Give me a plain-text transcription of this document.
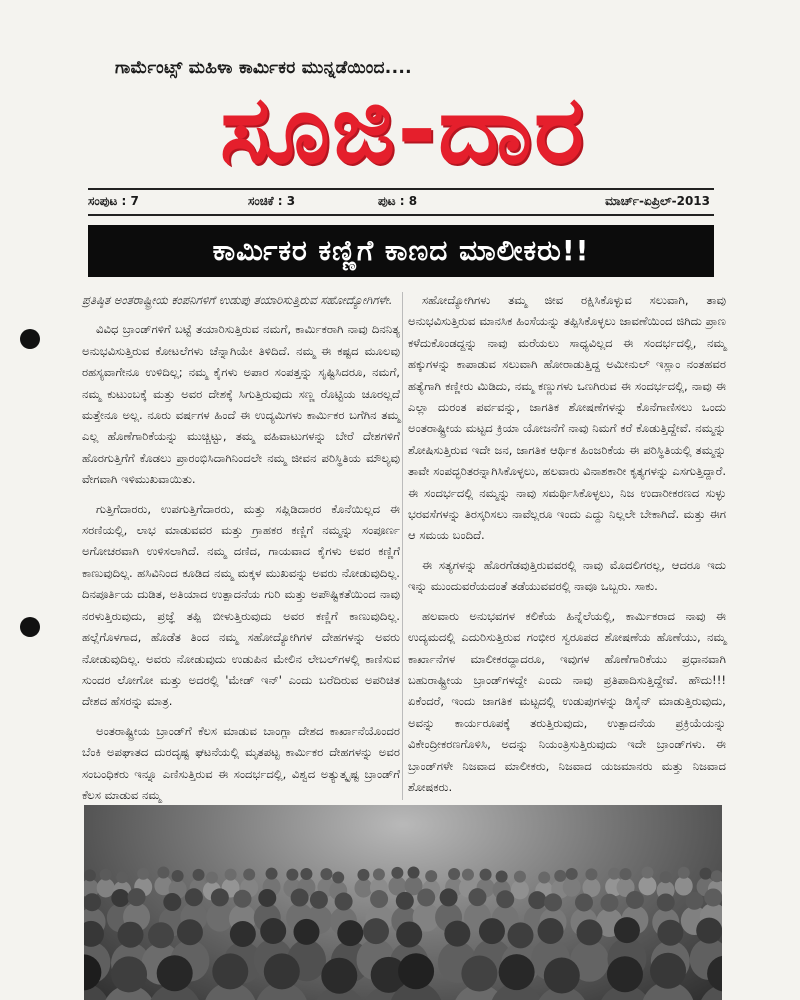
ಗಾರ್ಮೆಂಟ್ಸ್ ಮಹಿಳಾ ಕಾರ್ಮಿಕರ ಮುನ್ನಡೆಯಿಂದ....
ಸೂಜಿ-ದಾರ
ಸಂಪುಟ : 7	ಸಂಚಿಕೆ : 3	ಪುಟ : 8	ಮಾರ್ಚ್-ಏಪ್ರಿಲ್-2013
ಕಾರ್ಮಿಕರ ಕಣ್ಣಿಗೆ ಕಾಣದ ಮಾಲೀಕರು!!

ಪ್ರತಿಷ್ಠಿತ ಅಂತರಾಷ್ಟ್ರೀಯ ಕಂಪನಿಗಳಿಗೆ ಉಡುಪು ತಯಾರಿಸುತ್ತಿರುವ ಸಹೋದ್ಯೋಗಿಗಳೇ.

ವಿವಿಧ ಬ್ರಾಂಡ್‌ಗಳಿಗೆ ಬಟ್ಟೆ ತಯಾರಿಸುತ್ತಿರುವ ನಮಗೆ, ಕಾರ್ಮಿಕರಾಗಿ ನಾವು ದಿನನಿತ್ಯ ಅನುಭವಿಸುತ್ತಿರುವ ಕೋಟಲೆಗಳು ಚೆನ್ನಾಗಿಯೇ ತಿಳಿದಿದೆ. ನಮ್ಮ ಈ ಕಷ್ಟದ ಮೂಲವು ರಹಸ್ಯವಾಗೇನೂ ಉಳಿದಿಲ್ಲ; ನಮ್ಮ ಕೈಗಳು ಅಪಾರ ಸಂಪತ್ತನ್ನು ಸೃಷ್ಟಿಸಿದರೂ, ನಮಗೆ, ನಮ್ಮ ಕುಟುಂಬಕ್ಕೆ ಮತ್ತು ಅವರ ದೇಶಕ್ಕೆ ಸಿಗುತ್ತಿರುವುದು ಸಣ್ಣ ರೊಟ್ಟಿಯ ಚೂರಲ್ಲದೆ ಮತ್ತೇನೂ ಅಲ್ಲ. ನೂರು ವರ್ಷಗಳ ಹಿಂದೆ ಈ ಉದ್ಯಮಿಗಳು ಕಾರ್ಮಿಕರ ಬಗೆಗಿನ ತಮ್ಮ ಎಲ್ಲ ಹೊಣೆಗಾರಿಕೆಯನ್ನು ಮುಚ್ಚಿಟ್ಟು, ತಮ್ಮ ವಹಿವಾಟುಗಳನ್ನು ಬೇರೆ ದೇಶಗಳಿಗೆ ಹೊರಗುತ್ತಿಗೆಗೆ ಕೊಡಲು ಪ್ರಾರಂಭಿಸಿದಾಗಿನಿಂದಲೇ ನಮ್ಮ ಜೀವನ ಪರಿಸ್ಥಿತಿಯ ಮೌಲ್ಯವು ವೇಗವಾಗಿ ಇಳಿಮುಖವಾಯಿತು.

ಗುತ್ತಿಗೆದಾರರು, ಉಪಗುತ್ತಿಗೆದಾರರು, ಮತ್ತು ಸಪ್ಲಿಡಿದಾರರ ಕೊನೆಯಿಲ್ಲದ ಈ ಸರಣಿಯಲ್ಲಿ, ಲಾಭ ಮಾಡುವವರ ಮತ್ತು ಗ್ರಾಹಕರ ಕಣ್ಣಿಗೆ ನಮ್ಮನ್ನು ಸಂಪೂರ್ಣ ಅಗೋಚರವಾಗಿ ಉಳಿಸಲಾಗಿದೆ. ನಮ್ಮ ದಣಿದ, ಗಾಯವಾದ ಕೈಗಳು ಅವರ ಕಣ್ಣಿಗೆ ಕಾಣುವುದಿಲ್ಲ. ಹಸಿವಿನಿಂದ ಕೂಡಿದ ನಮ್ಮ ಮಕ್ಕಳ ಮುಖವನ್ನು ಅವರು ನೋಡುವುದಿಲ್ಲ. ದಿನಪೂರ್ತಿಯ ದುಡಿತ, ಅತಿಯಾದ ಉತ್ಪಾದನೆಯ ಗುರಿ ಮತ್ತು ಅಪೌಷ್ಟಿಕತೆಯಿಂದ ನಾವು ನರಳುತ್ತಿರುವುದು, ಪ್ರಜ್ಞೆ ತಪ್ಪಿ ಬೀಳುತ್ತಿರುವುದು ಅವರ ಕಣ್ಣಿಗೆ ಕಾಣುವುದಿಲ್ಲ. ಹಲ್ಲೆಗೊಳಗಾದ, ಹೊಡೆತ ತಿಂದ ನಮ್ಮ ಸಹೋದ್ಯೋಗಿಗಳ ದೇಹಗಳನ್ನು ಅವರು ನೋಡುವುದಿಲ್ಲ. ಅವರು ನೋಡುವುದು ಉಡುಪಿನ ಮೇಲಿನ ಲೇಬಲ್‌ಗಳಲ್ಲಿ ಕಾಣಿಸುವ ಸುಂದರ ಲೋಗೋ ಮತ್ತು ಅದರಲ್ಲಿ 'ಮೇಡ್ ಇನ್' ಎಂದು ಬರೆದಿರುವ ಅಪರಿಚಿತ ದೇಶದ ಹೆಸರನ್ನು ಮಾತ್ರ.

ಅಂತರಾಷ್ಟ್ರೀಯ ಬ್ರಾಂಡ್‌ಗೆ ಕೆಲಸ ಮಾಡುವ ಬಾಂಗ್ಲಾ ದೇಶದ ಕಾರ್ಖಾನೆಯೊಂದರ ಬೆಂಕಿ ಅಪಘಾತದ ದುರದೃಷ್ಟ ಘಟನೆಯಲ್ಲಿ ಮೃತಪಟ್ಟ ಕಾರ್ಮಿಕರ ದೇಹಗಳನ್ನು ಅವರ ಸಂಬಂಧಿಕರು ಇನ್ನೂ ಎಣಿಸುತ್ತಿರುವ ಈ ಸಂದರ್ಭದಲ್ಲಿ, ವಿಶ್ವದ ಅತ್ಯುತ್ಕೃಷ್ಟ ಬ್ರಾಂಡ್‌ಗೆ ಕೆಲಸ ಮಾಡುವ ನಮ್ಮ

ಸಹೋದ್ಯೋಗಿಗಳು ತಮ್ಮ ಜೀವ ರಕ್ಷಿಸಿಕೊಳ್ಳುವ ಸಲುವಾಗಿ, ತಾವು ಅನುಭವಿಸುತ್ತಿರುವ ಮಾನಸಿಕ ಹಿಂಸೆಯನ್ನು ತಪ್ಪಿಸಿಕೊಳ್ಳಲು ಜಾವಣೆಯಿಂದ ಜಿಗಿದು ಪ್ರಾಣ ಕಳೆದುಕೊಂಡದ್ದನ್ನು ನಾವು ಮರೆಯಲು ಸಾಧ್ಯವಿಲ್ಲದ ಈ ಸಂದರ್ಭದಲ್ಲಿ, ನಮ್ಮ ಹಕ್ಕುಗಳನ್ನು ಕಾಪಾಡುವ ಸಲುವಾಗಿ ಹೋರಾಡುತ್ತಿದ್ದ ಅಮೀನುಲ್ ಇಸ್ಲಾಂ ನಂತಹವರ ಹತ್ಯೆಗಾಗಿ ಕಣ್ಣೀರು ಮಿಡಿದು, ನಮ್ಮ ಕಣ್ಣುಗಳು ಒಣಗಿರುವ ಈ ಸಂದರ್ಭದಲ್ಲಿ, ನಾವು ಈ ಎಲ್ಲಾ ದುರಂತ ಪರ್ವವನ್ನು, ಜಾಗತಿಕ ಶೋಷಣೆಗಳನ್ನು ಕೊನೆಗಾಣಿಸಲು ಒಂದು ಅಂತರಾಷ್ಟ್ರೀಯ ಮಟ್ಟದ ಕ್ರಿಯಾ ಯೋಜನೆಗೆ ನಾವು ನಿಮಗೆ ಕರೆ ಕೊಡುತ್ತಿದ್ದೇವೆ. ನಮ್ಮನ್ನು ಶೋಷಿಸುತ್ತಿರುವ ಇದೇ ಜನ, ಜಾಗತಿಕ ಆರ್ಥಿಕ ಹಿಂಜರಿಕೆಯ ಈ ಪರಿಸ್ಥಿತಿಯಲ್ಲಿ ತಮ್ಮನ್ನು ತಾವೇ ಸಂಪದ್ಭರಿತರನ್ನಾಗಿಸಿಕೊಳ್ಳಲು, ಹಲವಾರು ವಿನಾಶಕಾರೀ ಕೃತ್ಯಗಳನ್ನು ಎಸಗುತ್ತಿದ್ದಾರೆ. ಈ ಸಂದರ್ಭದಲ್ಲಿ ನಮ್ಮನ್ನು ನಾವು ಸಮರ್ಥಿಸಿಕೊಳ್ಳಲು, ನಿಜ ಉದಾರೀಕರಣದ ಸುಳ್ಳು ಭರವಸೆಗಳನ್ನು ತಿರಸ್ಕರಿಸಲು ನಾವೆಲ್ಲರೂ ಇಂದು ಎದ್ದು ನಿಲ್ಲಲೇ ಬೇಕಾಗಿದೆ. ಮತ್ತು ಈಗ ಆ ಸಮಯ ಬಂದಿದೆ.

ಈ ಸತ್ಯಗಳನ್ನು ಹೊರಗೆಡವುತ್ತಿರುವವರಲ್ಲಿ ನಾವು ಮೊದಲಿಗರಲ್ಲ, ಆದರೂ ಇದು ಇನ್ನು ಮುಂದುವರೆಯದಂತೆ ತಡೆಯುವವರಲ್ಲಿ ನಾವೂ ಒಬ್ಬರು. ಸಾಕು.

ಹಲವಾರು ಅನುಭವಗಳ ಕಲಿಕೆಯ ಹಿನ್ನೆಲೆಯಲ್ಲಿ, ಕಾರ್ಮಿಕರಾದ ನಾವು ಈ ಉದ್ಯಮದಲ್ಲಿ ಎದುರಿಸುತ್ತಿರುವ ಗಂಭೀರ ಸ್ವರೂಪದ ಶೋಷಣೆಯ ಹೊಣೆಯು, ನಮ್ಮ ಕಾರ್ಖಾನೆಗಳ ಮಾಲೀಕರದ್ದಾದರೂ, ಇವುಗಳ ಹೊಣೆಗಾರಿಕೆಯು ಪ್ರಧಾನವಾಗಿ ಬಹುರಾಷ್ಟ್ರೀಯ ಬ್ರಾಂಡ್‌ಗಳದ್ದೇ ಎಂದು ನಾವು ಪ್ರತಿಪಾದಿಸುತ್ತಿದ್ದೇವೆ. ಹೌದು!!! ಏಕೆಂದರೆ, ಇಂದು ಜಾಗತಿಕ ಮಟ್ಟದಲ್ಲಿ ಉಡುಪುಗಳನ್ನು ಡಿಸೈನ್ ಮಾಡುತ್ತಿರುವುದು, ಅವನ್ನು ಕಾರ್ಯರೂಪಕ್ಕೆ ತರುತ್ತಿರುವುದು, ಉತ್ಪಾದನೆಯ ಪ್ರಕ್ರಿಯೆಯನ್ನು ವಿಕೇಂದ್ರೀಕರಣಗೊಳಿಸಿ, ಅದನ್ನು ನಿಯಂತ್ರಿಸುತ್ತಿರುವುದು ಇದೇ ಬ್ರಾಂಡ್‌ಗಳು. ಈ ಬ್ರಾಂಡ್‌ಗಳೇ ನಿಜವಾದ ಮಾಲೀಕರು, ನಿಜವಾದ ಯಜಮಾನರು ಮತ್ತು ನಿಜವಾದ ಶೋಷಕರು.
